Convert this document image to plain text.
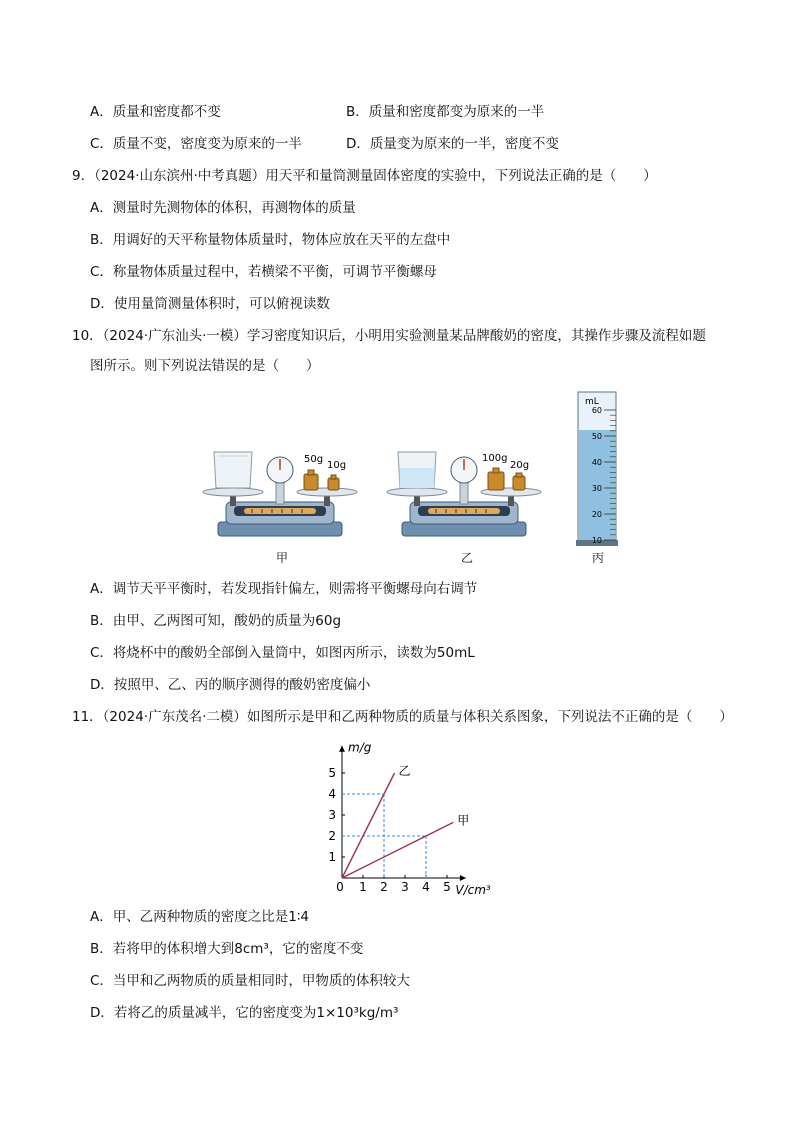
A．质量和密度都不变	B．质量和密度都变为原来的一半
C．质量不变，密度变为原来的一半	D．质量变为原来的一半，密度不变
9．（2024·山东滨州·中考真题）用天平和量筒测量固体密度的实验中，下列说法正确的是（　　）
A．测量时先测物体的体积，再测物体的质量
B．用调好的天平称量物体质量时，物体应放在天平的左盘中
C．称量物体质量过程中，若横梁不平衡，可调节平衡螺母
D．使用量筒测量体积时，可以俯视读数
10．（2024·广东汕头·一模）学习密度知识后，小明用实验测量某品牌酸奶的密度，其操作步骤及流程如题
图所示。则下列说法错误的是（　　）
50g
10g
甲
100g
20g
乙
mL
60
50
40
30
20
10
丙
A．调节天平平衡时，若发现指针偏左，则需将平衡螺母向右调节
B．由甲、乙两图可知，酸奶的质量为60g
C．将烧杯中的酸奶全部倒入量筒中，如图丙所示，读数为50mL
D．按照甲、乙、丙的顺序测得的酸奶密度偏小
11．（2024·广东茂名·二模）如图所示是甲和乙两种物质的质量与体积关系图象，下列说法不正确的是（　　）
0 1 2 3 4 5
1
2
3
4
5
V/cm³
m/g
乙
甲
A．甲、乙两种物质的密度之比是1∶4
B．若将甲的体积增大到8cm³，它的密度不变
C．当甲和乙两物质的质量相同时，甲物质的体积较大
D．若将乙的质量减半，它的密度变为1×10³kg/m³
